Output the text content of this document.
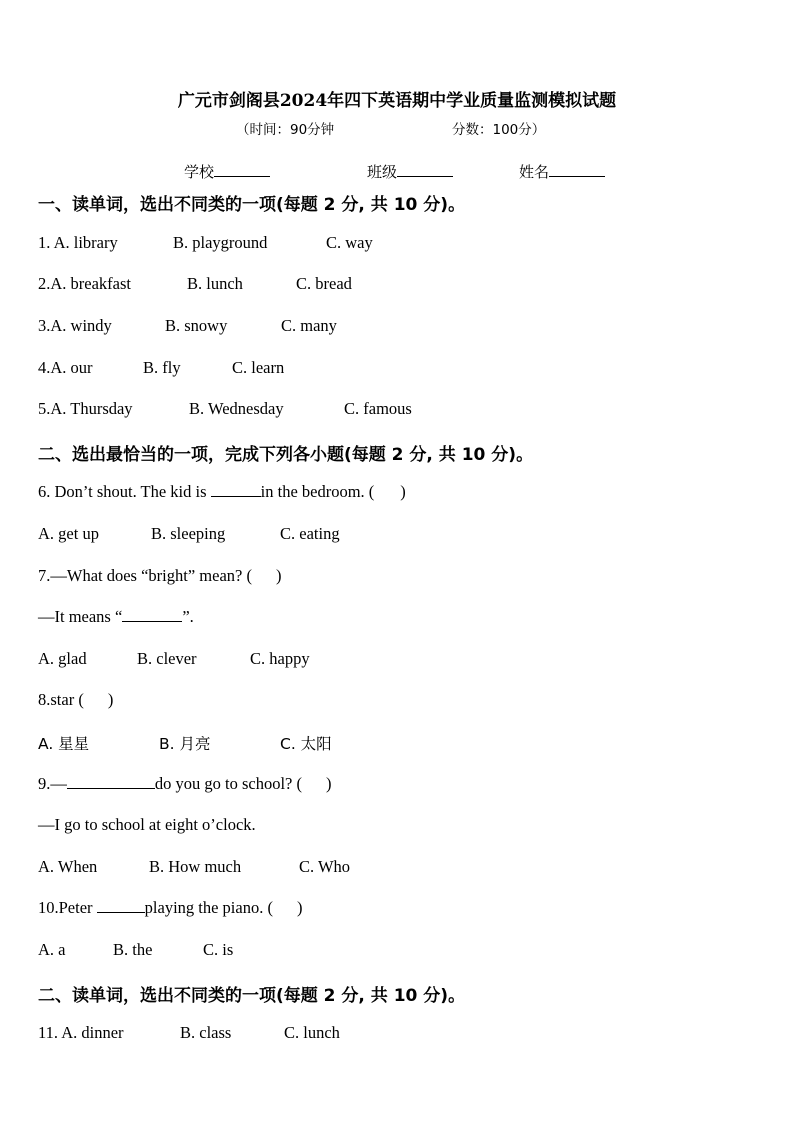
广元市剑阁县2024年四下英语期中学业质量监测模拟试题
（时间：90分钟	分数：100分）
学校	班级	姓名
一、读单词，选出不同类的一项(每题 2 分, 共 10 分)。
1. A. library	B. playground	C. way
2.A. breakfast	B. lunch	C. bread
3.A. windy	B. snowy	C. many
4.A. our	B. fly	C. learn
5.A. Thursday	B. Wednesday	C. famous
二、选出最恰当的一项，完成下列各小题(每题 2 分, 共 10 分)。
6. Don’t shout. The kid is	in the bedroom. ( )
A. get up	B. sleeping	C. eating
7.—What does “bright” mean? ( )
—It means “	”.
A. glad	B. clever	C. happy
8.star ( )
A. 星星	B. 月亮	C. 太阳
9.—	do you go to school? ( )
—I go to school at eight o’clock.
A. When	B. How much	C. Who
10.Peter	playing the piano. ( )
A. a	B. the	C. is
二、读单词，选出不同类的一项(每题 2 分, 共 10 分)。
11. A. dinner	B. class	C. lunch
